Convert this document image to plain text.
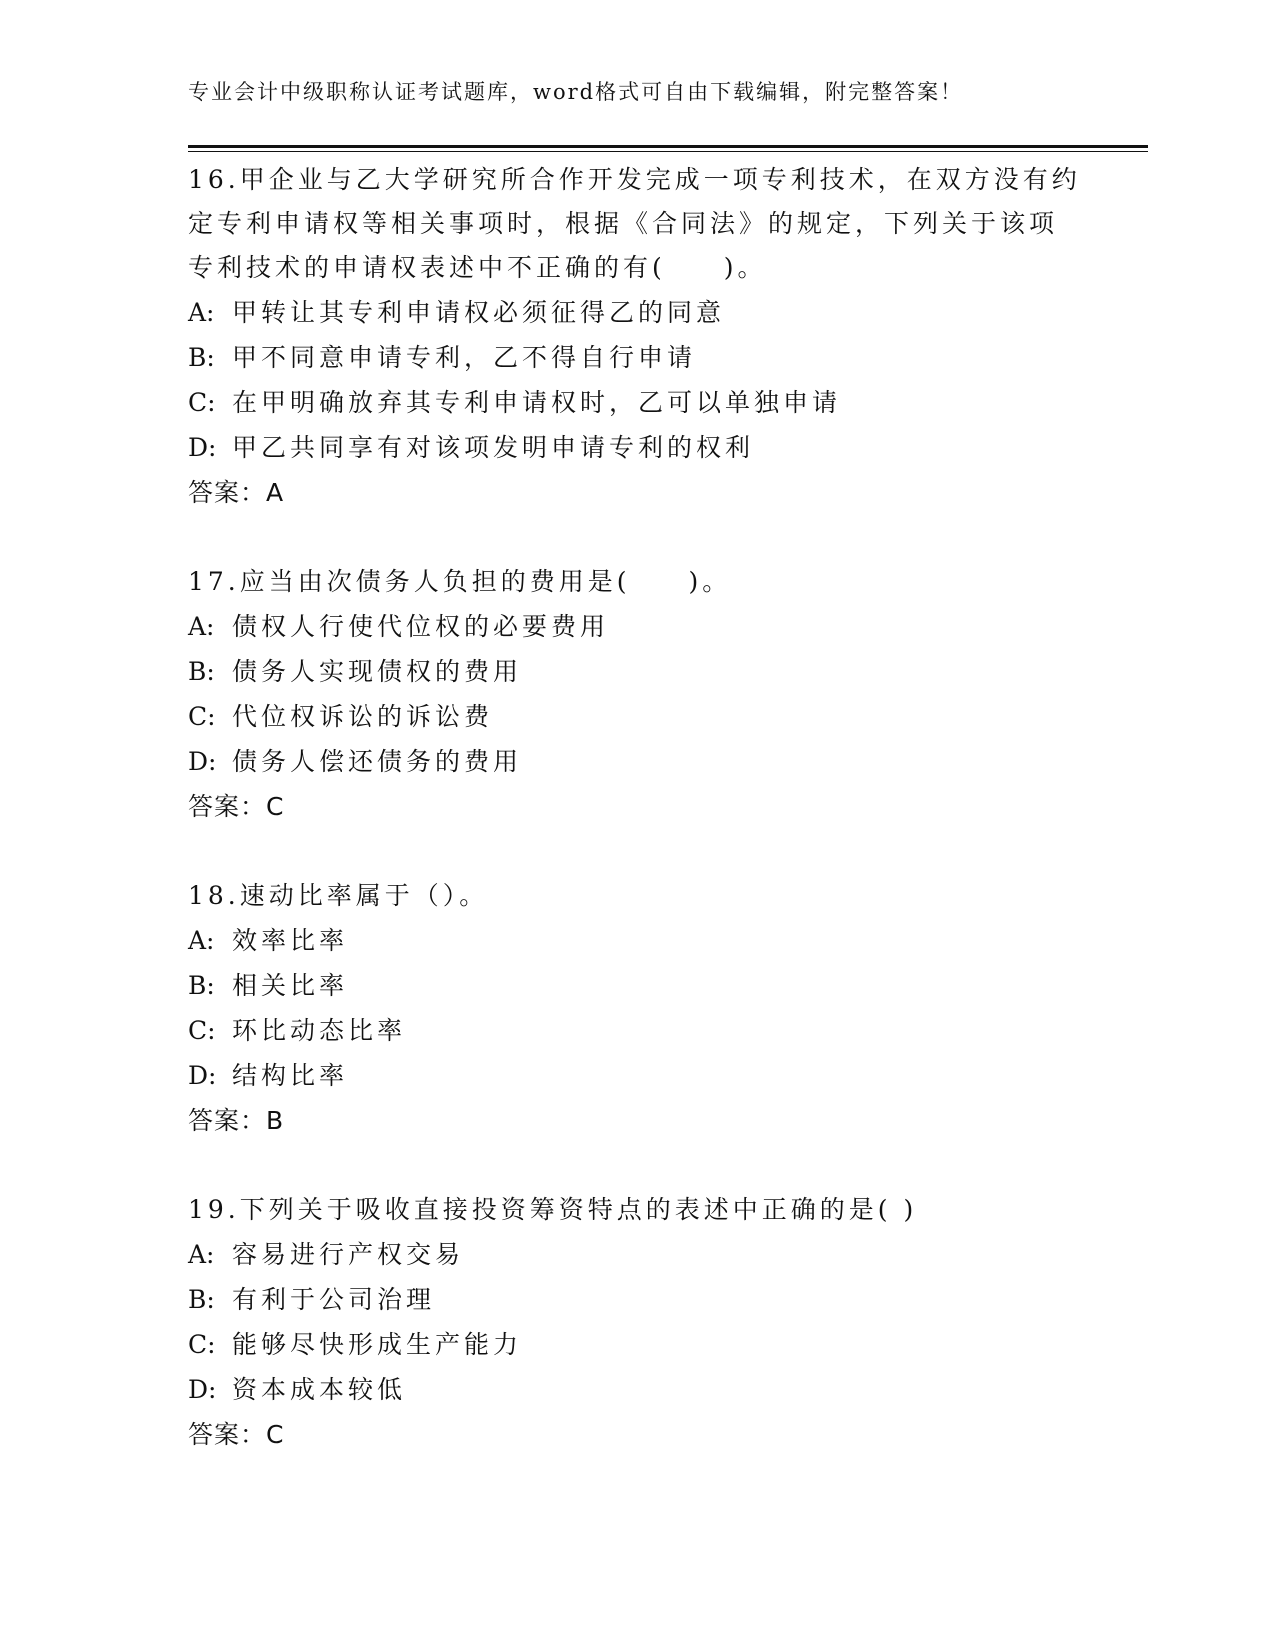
专业会计中级职称认证考试题库，word格式可自由下载编辑，附完整答案！
16.甲企业与乙大学研究所合作开发完成一项专利技术，在双方没有约
定专利申请权等相关事项时，根据《合同法》的规定，下列关于该项
专利技术的申请权表述中不正确的有(　　)。
A: 甲转让其专利申请权必须征得乙的同意
B: 甲不同意申请专利，乙不得自行申请
C: 在甲明确放弃其专利申请权时，乙可以单独申请
D: 甲乙共同享有对该项发明申请专利的权利
答案：A
17.应当由次债务人负担的费用是(　　)。
A: 债权人行使代位权的必要费用
B: 债务人实现债权的费用
C: 代位权诉讼的诉讼费
D: 债务人偿还债务的费用
答案：C
18.速动比率属于（）。
A: 效率比率
B: 相关比率
C: 环比动态比率
D: 结构比率
答案：B
19.下列关于吸收直接投资筹资特点的表述中正确的是( )
A: 容易进行产权交易
B: 有利于公司治理
C: 能够尽快形成生产能力
D: 资本成本较低
答案：C
